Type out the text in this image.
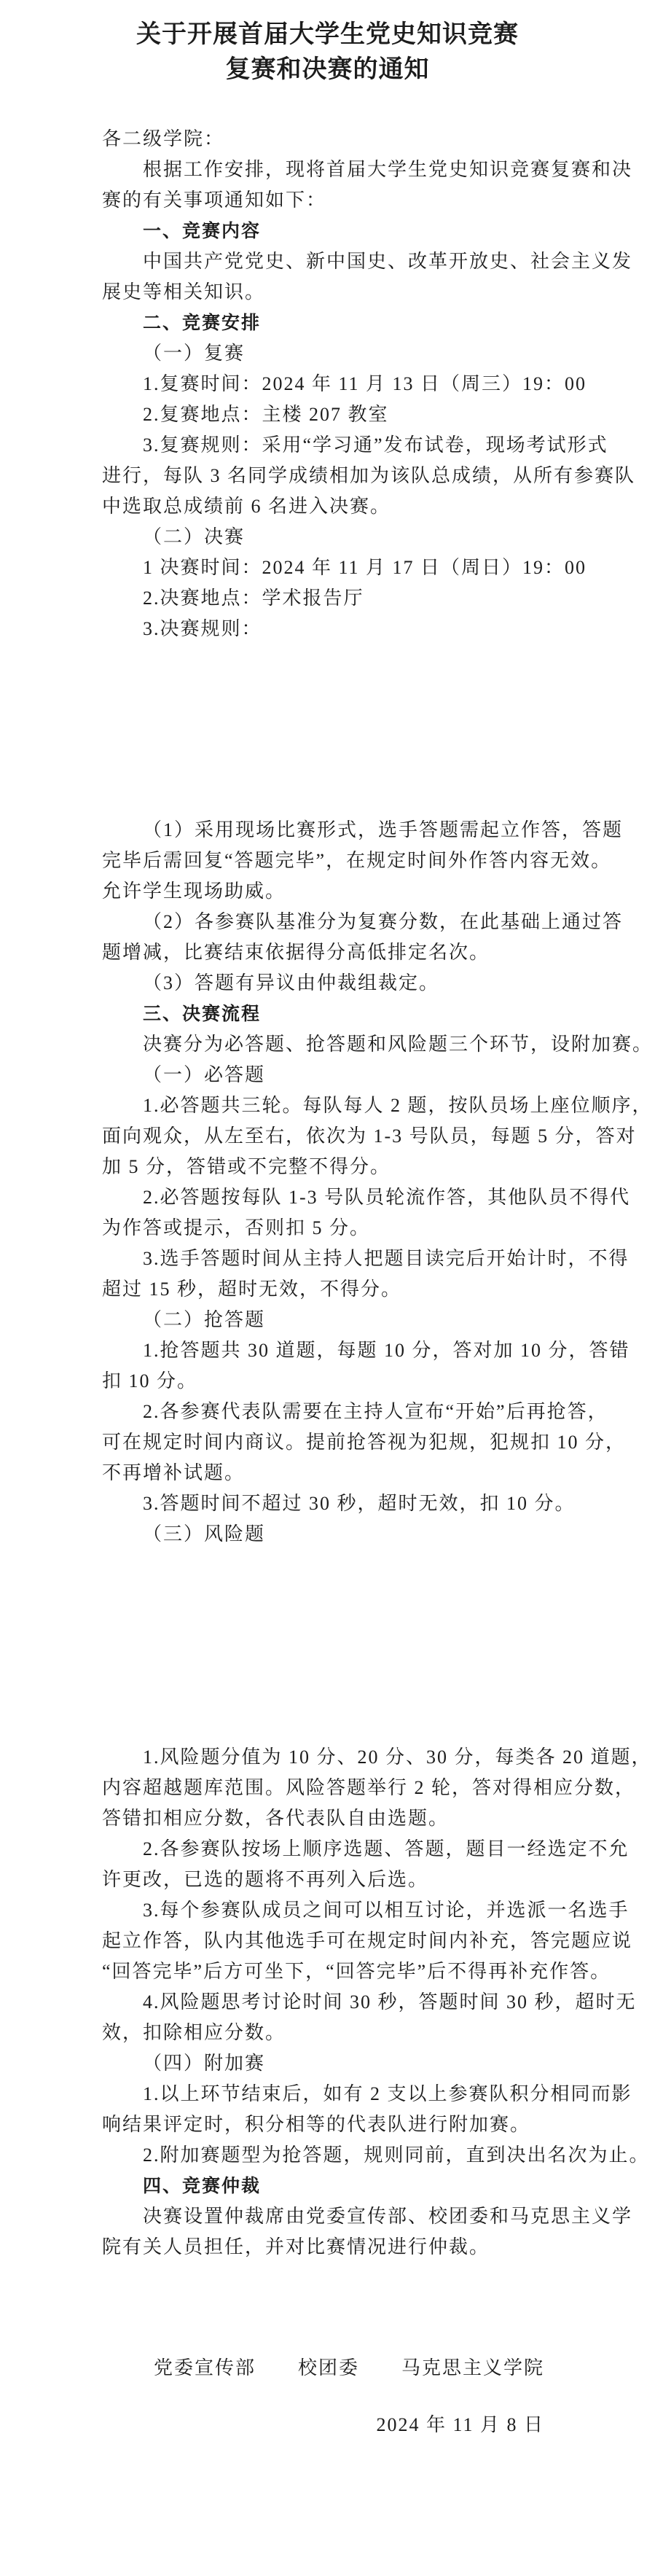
关于开展首届大学生党史知识竞赛
复赛和决赛的通知
各二级学院：
根据工作安排，现将首届大学生党史知识竞赛复赛和决
赛的有关事项通知如下：
一、竞赛内容
中国共产党党史、新中国史、改革开放史、社会主义发
展史等相关知识。
二、竞赛安排
（一）复赛
1.复赛时间：2024 年 11 月 13 日（周三）19：00
2.复赛地点：主楼 207 教室
3.复赛规则：采用“学习通”发布试卷，现场考试形式
进行，每队 3 名同学成绩相加为该队总成绩，从所有参赛队
中选取总成绩前 6 名进入决赛。
（二）决赛
1 决赛时间：2024 年 11 月 17 日（周日）19：00
2.决赛地点：学术报告厅
3.决赛规则：
（1）采用现场比赛形式，选手答题需起立作答，答题
完毕后需回复“答题完毕”，在规定时间外作答内容无效。
允许学生现场助威。
（2）各参赛队基准分为复赛分数，在此基础上通过答
题增减，比赛结束依据得分高低排定名次。
（3）答题有异议由仲裁组裁定。
三、决赛流程
决赛分为必答题、抢答题和风险题三个环节，设附加赛。
（一）必答题
1.必答题共三轮。每队每人 2 题，按队员场上座位顺序，
面向观众，从左至右，依次为 1-3 号队员，每题 5 分，答对
加 5 分，答错或不完整不得分。
2.必答题按每队 1-3 号队员轮流作答，其他队员不得代
为作答或提示，否则扣 5 分。
3.选手答题时间从主持人把题目读完后开始计时，不得
超过 15 秒，超时无效，不得分。
（二）抢答题
1.抢答题共 30 道题，每题 10 分，答对加 10 分，答错
扣 10 分。
2.各参赛代表队需要在主持人宣布“开始”后再抢答，
可在规定时间内商议。提前抢答视为犯规，犯规扣 10 分，
不再增补试题。
3.答题时间不超过 30 秒，超时无效，扣 10 分。
（三）风险题
1.风险题分值为 10 分、20 分、30 分，每类各 20 道题，
内容超越题库范围。风险答题举行 2 轮，答对得相应分数，
答错扣相应分数，各代表队自由选题。
2.各参赛队按场上顺序选题、答题，题目一经选定不允
许更改，已选的题将不再列入后选。
3.每个参赛队成员之间可以相互讨论，并选派一名选手
起立作答，队内其他选手可在规定时间内补充，答完题应说
“回答完毕”后方可坐下，“回答完毕”后不得再补充作答。
4.风险题思考讨论时间 30 秒，答题时间 30 秒，超时无
效，扣除相应分数。
（四）附加赛
1.以上环节结束后，如有 2 支以上参赛队积分相同而影
响结果评定时，积分相等的代表队进行附加赛。
2.附加赛题型为抢答题，规则同前，直到决出名次为止。
四、竞赛仲裁
决赛设置仲裁席由党委宣传部、校团委和马克思主义学
院有关人员担任，并对比赛情况进行仲裁。
党委宣传部 校团委 马克思主义学院
2024 年 11 月 8 日
